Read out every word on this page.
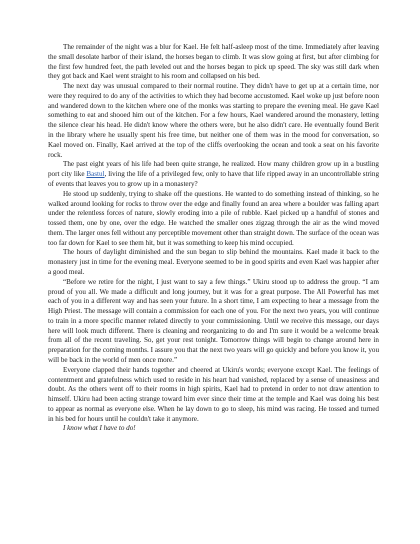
The remainder of the night was a blur for Kael. He felt half-asleep most of the time. Immediately after leaving the small desolate harbor of their island, the horses began to climb. It was slow going at first, but after climbing for the first few hundred feet, the path leveled out and the horses began to pick up speed. The sky was still dark when they got back and Kael went straight to his room and collapsed on his bed.

The next day was unusual compared to their normal routine. They didn't have to get up at a certain time, nor were they required to do any of the activities to which they had become accustomed. Kael woke up just before noon and wandered down to the kitchen where one of the monks was starting to prepare the evening meal. He gave Kael something to eat and shooed him out of the kitchen. For a few hours, Kael wandered around the monastery, letting the silence clear his head. He didn't know where the others were, but he also didn't care. He eventually found Berit in the library where he usually spent his free time, but neither one of them was in the mood for conversation, so Kael moved on. Finally, Kael arrived at the top of the cliffs overlooking the ocean and took a seat on his favorite rock.

The past eight years of his life had been quite strange, he realized. How many children grow up in a bustling port city like Bastul, living the life of a privileged few, only to have that life ripped away in an uncontrollable string of events that leaves you to grow up in a monastery?

He stood up suddenly, trying to shake off the questions. He wanted to do something instead of thinking, so he walked around looking for rocks to throw over the edge and finally found an area where a boulder was falling apart under the relentless forces of nature, slowly eroding into a pile of rubble. Kael picked up a handful of stones and tossed them, one by one, over the edge. He watched the smaller ones zigzag through the air as the wind moved them. The larger ones fell without any perceptible movement other than straight down. The surface of the ocean was too far down for Kael to see them hit, but it was something to keep his mind occupied.

The hours of daylight diminished and the sun began to slip behind the mountains. Kael made it back to the monastery just in time for the evening meal. Everyone seemed to be in good spirits and even Kael was happier after a good meal.

“Before we retire for the night, I just want to say a few things.” Ukiru stood up to address the group. “I am proud of you all. We made a difficult and long journey, but it was for a great purpose. The All Powerful has met each of you in a different way and has seen your future. In a short time, I am expecting to hear a message from the High Priest. The message will contain a commission for each one of you. For the next two years, you will continue to train in a more specific manner related directly to your commissioning. Until we receive this message, our days here will look much different. There is cleaning and reorganizing to do and I'm sure it would be a welcome break from all of the recent traveling. So, get your rest tonight. Tomorrow things will begin to change around here in preparation for the coming months. I assure you that the next two years will go quickly and before you know it, you will be back in the world of men once more.”

Everyone clapped their hands together and cheered at Ukiru's words; everyone except Kael. The feelings of contentment and gratefulness which used to reside in his heart had vanished, replaced by a sense of uneasiness and doubt. As the others went off to their rooms in high spirits, Kael had to pretend in order to not draw attention to himself. Ukiru had been acting strange toward him ever since their time at the temple and Kael was doing his best to appear as normal as everyone else. When he lay down to go to sleep, his mind was racing. He tossed and turned in his bed for hours until he couldn't take it anymore.

I know what I have to do!
